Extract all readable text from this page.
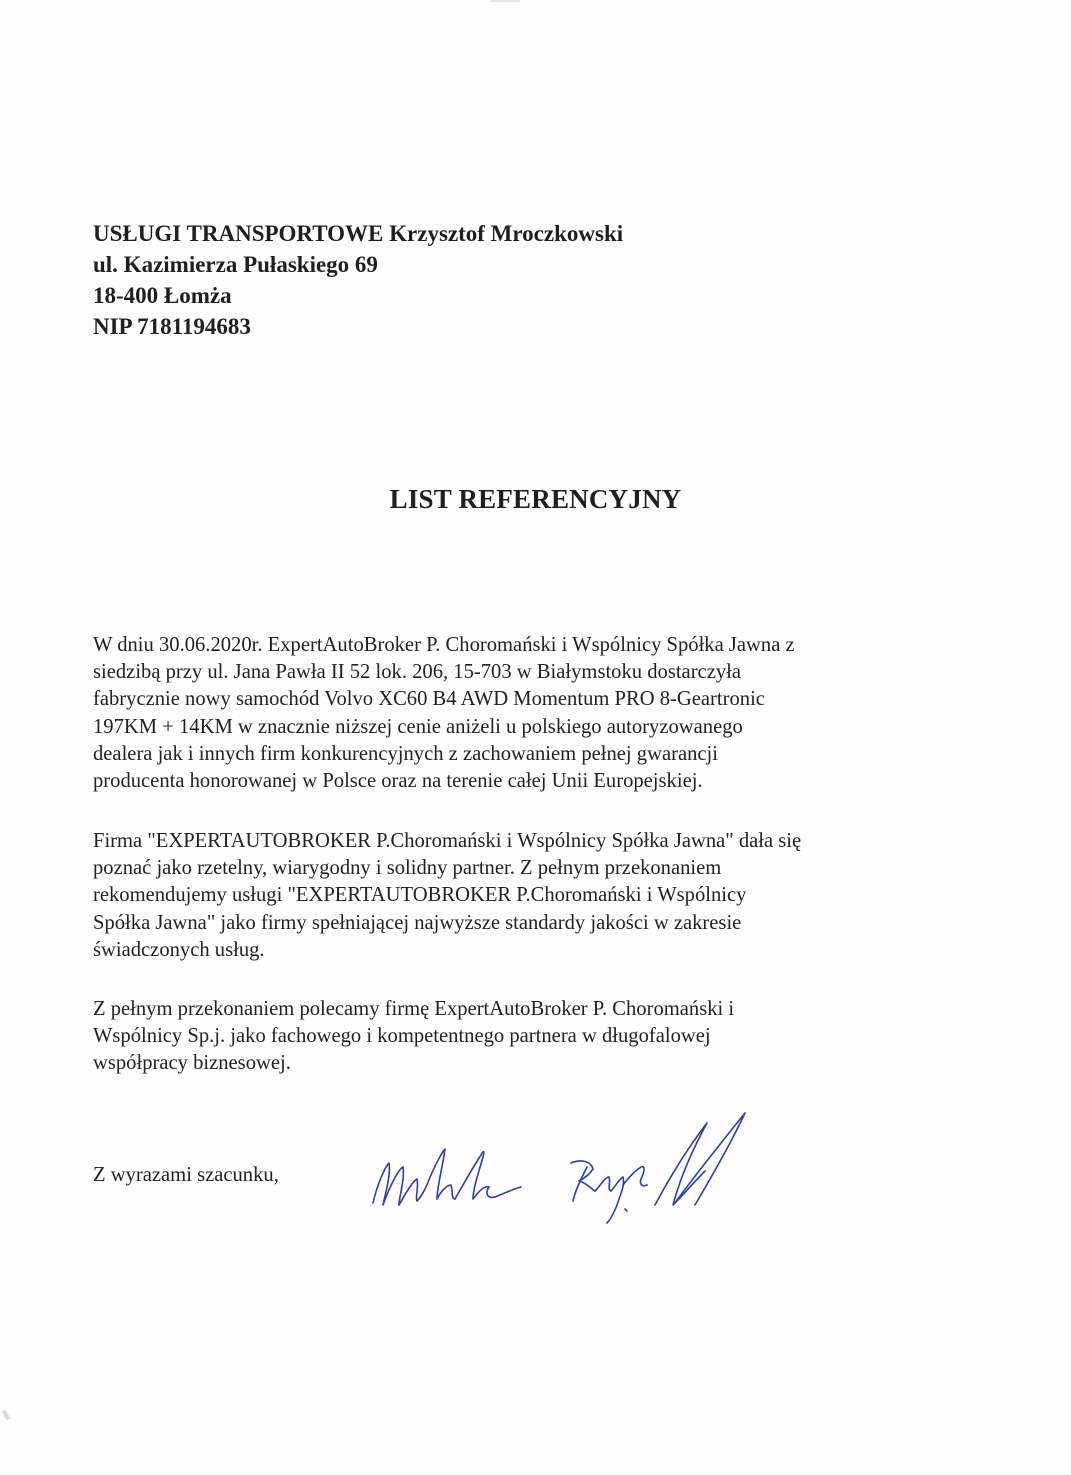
USŁUGI TRANSPORTOWE Krzysztof Mroczkowski
ul. Kazimierza Pułaskiego 69
18-400 Łomża
NIP 7181194683
LIST REFERENCYJNY
W dniu 30.06.2020r. ExpertAutoBroker P. Choromański i Wspólnicy Spółka Jawna z
siedzibą przy ul. Jana Pawła II 52 lok. 206, 15-703 w Białymstoku dostarczyła
fabrycznie nowy samochód Volvo XC60 B4 AWD Momentum PRO 8-Geartronic
197KM + 14KM w znacznie niższej cenie aniżeli u polskiego autoryzowanego
dealera jak i innych firm konkurencyjnych z zachowaniem pełnej gwarancji
producenta honorowanej w Polsce oraz na terenie całej Unii Europejskiej.
Firma "EXPERTAUTOBROKER P.Choromański i Wspólnicy Spółka Jawna" dała się
poznać jako rzetelny, wiarygodny i solidny partner. Z pełnym przekonaniem
rekomendujemy usługi "EXPERTAUTOBROKER P.Choromański i Wspólnicy
Spółka Jawna" jako firmy spełniającej najwyższe standardy jakości w zakresie
świadczonych usług.
Z pełnym przekonaniem polecamy firmę ExpertAutoBroker P. Choromański i
Wspólnicy Sp.j. jako fachowego i kompetentnego partnera w długofalowej
współpracy biznesowej.
Z wyrazami szacunku,
